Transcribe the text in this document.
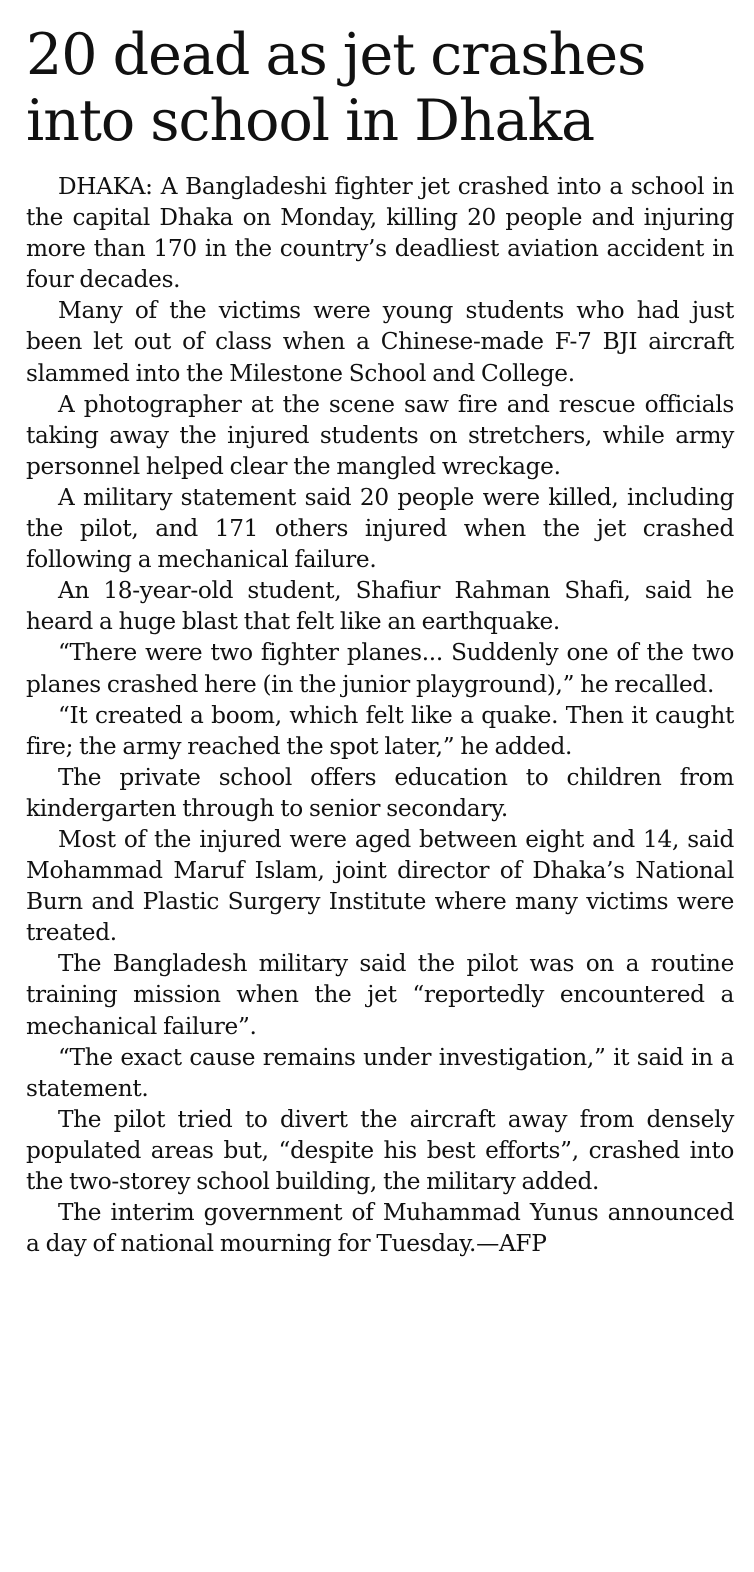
20 dead as jet crashes
into school in Dhaka

DHAKA: A Bangladeshi fighter jet crashed into a school in the capital Dhaka on Monday, killing 20 people and injuring more than 170 in the country’s deadliest aviation accident in four decades.

Many of the victims were young students who had just been let out of class when a Chinese-made F-7 BJI aircraft slammed into the Milestone School and College.

A photographer at the scene saw fire and rescue officials taking away the injured students on stretchers, while army personnel helped clear the mangled wreckage.

A military statement said 20 people were killed, including the pilot, and 171 others injured when the jet crashed following a mechanical failure.

An 18-year-old student, Shafiur Rahman Shafi, said he heard a huge blast that felt like an earthquake.

“There were two fighter planes... Suddenly one of the two planes crashed here (in the junior playground),” he recalled.

“It created a boom, which felt like a quake. Then it caught fire; the army reached the spot later,” he added.

The private school offers education to children from kindergarten through to senior secondary.

Most of the injured were aged between eight and 14, said Mohammad Maruf Islam, joint director of Dhaka’s National Burn and Plastic Surgery Institute where many victims were treated.

The Bangladesh military said the pilot was on a routine training mission when the jet “reportedly encountered a mechanical failure”.

“The exact cause remains under investigation,” it said in a statement.

The pilot tried to divert the aircraft away from densely populated areas but, “despite his best efforts”, crashed into the two-storey school building, the military added.

The interim government of Muhammad Yunus announced a day of national mourning for Tuesday.—AFP
